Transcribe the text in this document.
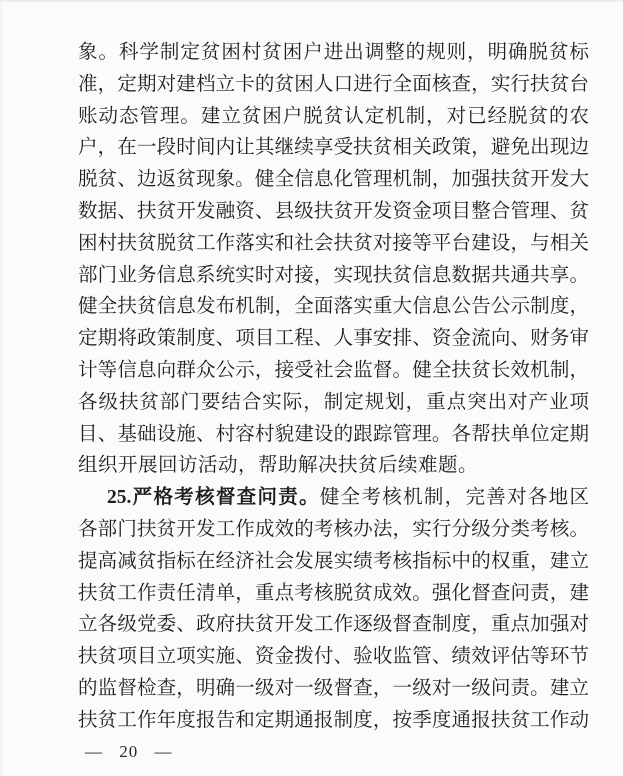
象。科学制定贫困村贫困户进出调整的规则，明确脱贫标
准，定期对建档立卡的贫困人口进行全面核查，实行扶贫台
账动态管理。建立贫困户脱贫认定机制，对已经脱贫的农
户，在一段时间内让其继续享受扶贫相关政策，避免出现边
脱贫、边返贫现象。健全信息化管理机制，加强扶贫开发大
数据、扶贫开发融资、县级扶贫开发资金项目整合管理、贫
困村扶贫脱贫工作落实和社会扶贫对接等平台建设，与相关
部门业务信息系统实时对接，实现扶贫信息数据共通共享。
健全扶贫信息发布机制，全面落实重大信息公告公示制度，
定期将政策制度、项目工程、人事安排、资金流向、财务审
计等信息向群众公示，接受社会监督。健全扶贫长效机制，
各级扶贫部门要结合实际，制定规划，重点突出对产业项
目、基础设施、村容村貌建设的跟踪管理。各帮扶单位定期
组织开展回访活动，帮助解决扶贫后续难题。
25.严格考核督查问责。健全考核机制，完善对各地区
各部门扶贫开发工作成效的考核办法，实行分级分类考核。
提高减贫指标在经济社会发展实绩考核指标中的权重，建立
扶贫工作责任清单，重点考核脱贫成效。强化督查问责，建
立各级党委、政府扶贫开发工作逐级督查制度，重点加强对
扶贫项目立项实施、资金拨付、验收监管、绩效评估等环节
的监督检查，明确一级对一级督查，一级对一级问责。建立
扶贫工作年度报告和定期通报制度，按季度通报扶贫工作动
— 20 —
